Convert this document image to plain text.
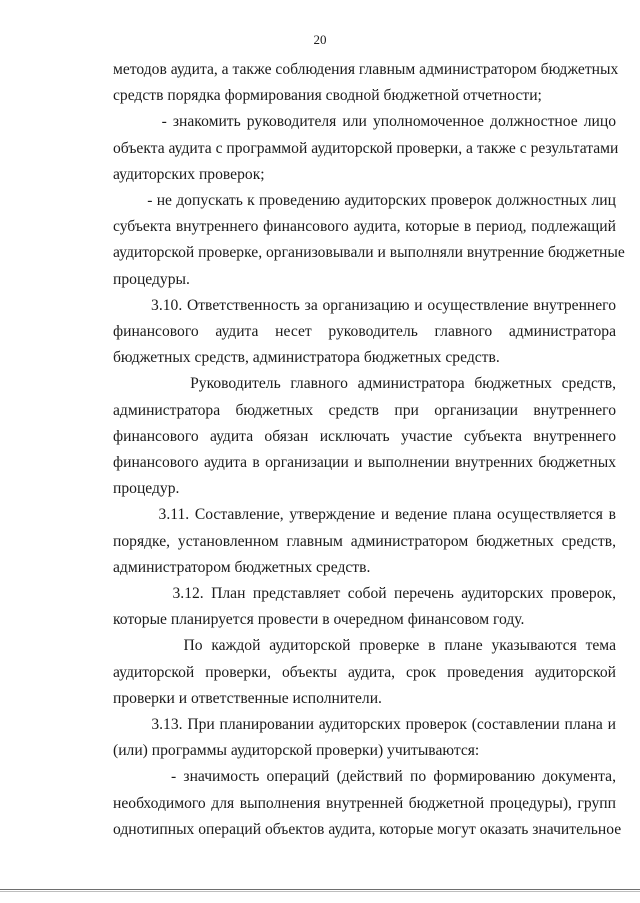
20
методов аудита, а также соблюдения главным администратором бюджетных
средств порядка формирования сводной бюджетной отчетности;
- знакомить руководителя или уполномоченное должностное лицо
объекта аудита с программой аудиторской проверки, а также с результатами
аудиторских проверок;
- не допускать к проведению аудиторских проверок должностных лиц
субъекта внутреннего финансового аудита, которые в период, подлежащий
аудиторской проверке, организовывали и выполняли внутренние бюджетные
процедуры.
3.10. Ответственность за организацию и осуществление внутреннего
финансового аудита несет руководитель главного администратора
бюджетных средств, администратора бюджетных средств.
Руководитель главного администратора бюджетных средств,
администратора бюджетных средств при организации внутреннего
финансового аудита обязан исключать участие субъекта внутреннего
финансового аудита в организации и выполнении внутренних бюджетных
процедур.
3.11. Составление, утверждение и ведение плана осуществляется в
порядке, установленном главным администратором бюджетных средств,
администратором бюджетных средств.
3.12. План представляет собой перечень аудиторских проверок,
которые планируется провести в очередном финансовом году.
По каждой аудиторской проверке в плане указываются тема
аудиторской проверки, объекты аудита, срок проведения аудиторской
проверки и ответственные исполнители.
3.13. При планировании аудиторских проверок (составлении плана и
(или) программы аудиторской проверки) учитываются:
- значимость операций (действий по формированию документа,
необходимого для выполнения внутренней бюджетной процедуры), групп
однотипных операций объектов аудита, которые могут оказать значительное
